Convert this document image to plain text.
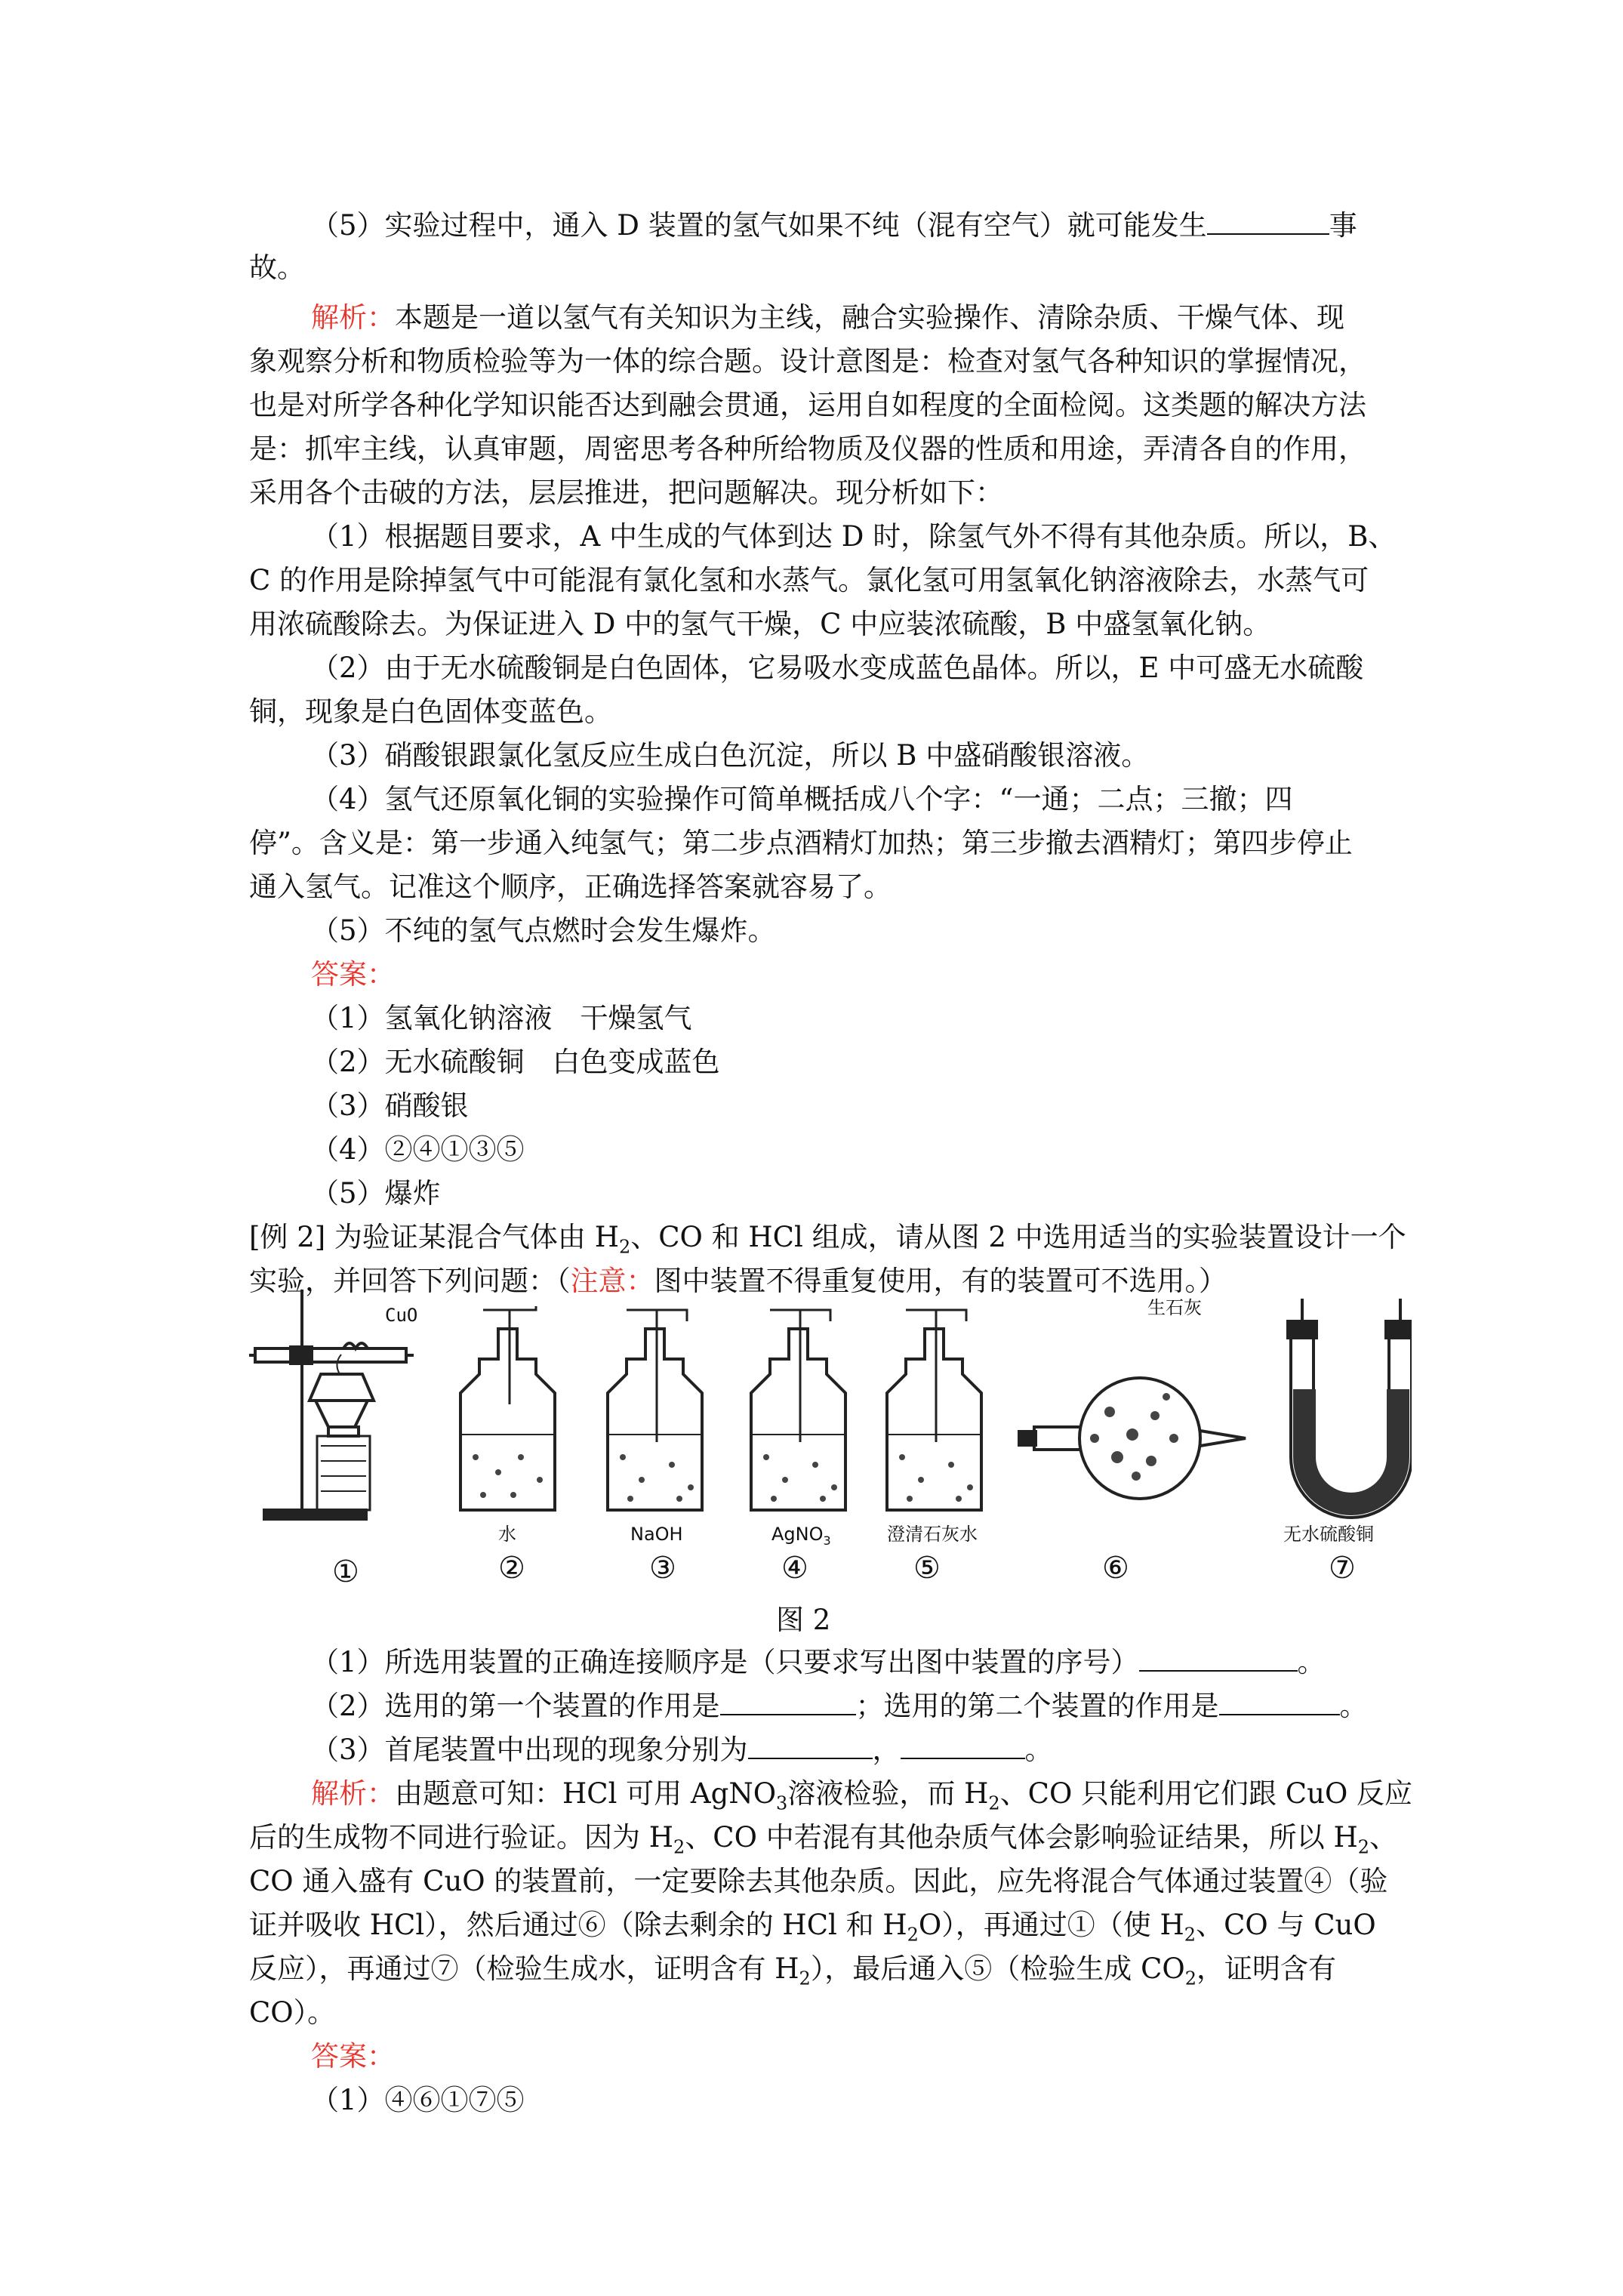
（5）实验过程中，通入 D 装置的氢气如果不纯（混有空气）就可能发生	事
故。
解析：本题是一道以氢气有关知识为主线，融合实验操作、清除杂质、干燥气体、现
象观察分析和物质检验等为一体的综合题。设计意图是：检查对氢气各种知识的掌握情况，
也是对所学各种化学知识能否达到融会贯通，运用自如程度的全面检阅。这类题的解决方法
是：抓牢主线，认真审题，周密思考各种所给物质及仪器的性质和用途，弄清各自的作用，
采用各个击破的方法，层层推进，把问题解决。现分析如下：
（1）根据题目要求，A 中生成的气体到达 D 时，除氢气外不得有其他杂质。所以，B、
C 的作用是除掉氢气中可能混有氯化氢和水蒸气。氯化氢可用氢氧化钠溶液除去，水蒸气可
用浓硫酸除去。为保证进入 D 中的氢气干燥，C 中应装浓硫酸，B 中盛氢氧化钠。
（2）由于无水硫酸铜是白色固体，它易吸水变成蓝色晶体。所以，E 中可盛无水硫酸
铜，现象是白色固体变蓝色。
（3）硝酸银跟氯化氢反应生成白色沉淀，所以 B 中盛硝酸银溶液。
（4）氢气还原氧化铜的实验操作可简单概括成八个字：“一通；二点；三撤；四
停”。含义是：第一步通入纯氢气；第二步点酒精灯加热；第三步撤去酒精灯；第四步停止
通入氢气。记准这个顺序，正确选择答案就容易了。
（5）不纯的氢气点燃时会发生爆炸。
答案：
（1）氢氧化钠溶液　干燥氢气
（2）无水硫酸铜　白色变成蓝色
（3）硝酸银
（4）②④①③⑤
（5）爆炸
[例 2] 为验证某混合气体由 $H_2$、CO 和 HCl 组成，请从图 2 中选用适当的实验装置设计一个
实验，并回答下列问题：（注意：图中装置不得重复使用，有的装置可不选用。）
CuO	生石灰
水	NaOH	AgNO$_3$	澄清石灰水	无水硫酸铜
①	②	③	④	⑤	⑥	⑦
图 2
（1）所选用装置的正确连接顺序是（只要求写出图中装置的序号）	。
（2）选用的第一个装置的作用是	；选用的第二个装置的作用是	。
（3）首尾装置中出现的现象分别为	，	。
解析：由题意可知：HCl 可用 AgNO$_3$溶液检验，而 $H_2$、CO 只能利用它们跟 CuO 反应
后的生成物不同进行验证。因为 $H_2$、CO 中若混有其他杂质气体会影响验证结果，所以 $H_2$、
CO 通入盛有 CuO 的装置前，一定要除去其他杂质。因此，应先将混合气体通过装置④（验
证并吸收 HCl），然后通过⑥（除去剩余的 HCl 和 $H_2O$），再通过①（使 $H_2$、CO 与 CuO
反应），再通过⑦（检验生成水，证明含有 $H_2$），最后通入⑤（检验生成 $CO_2$，证明含有
CO）。
答案：
（1）④⑥①⑦⑤
